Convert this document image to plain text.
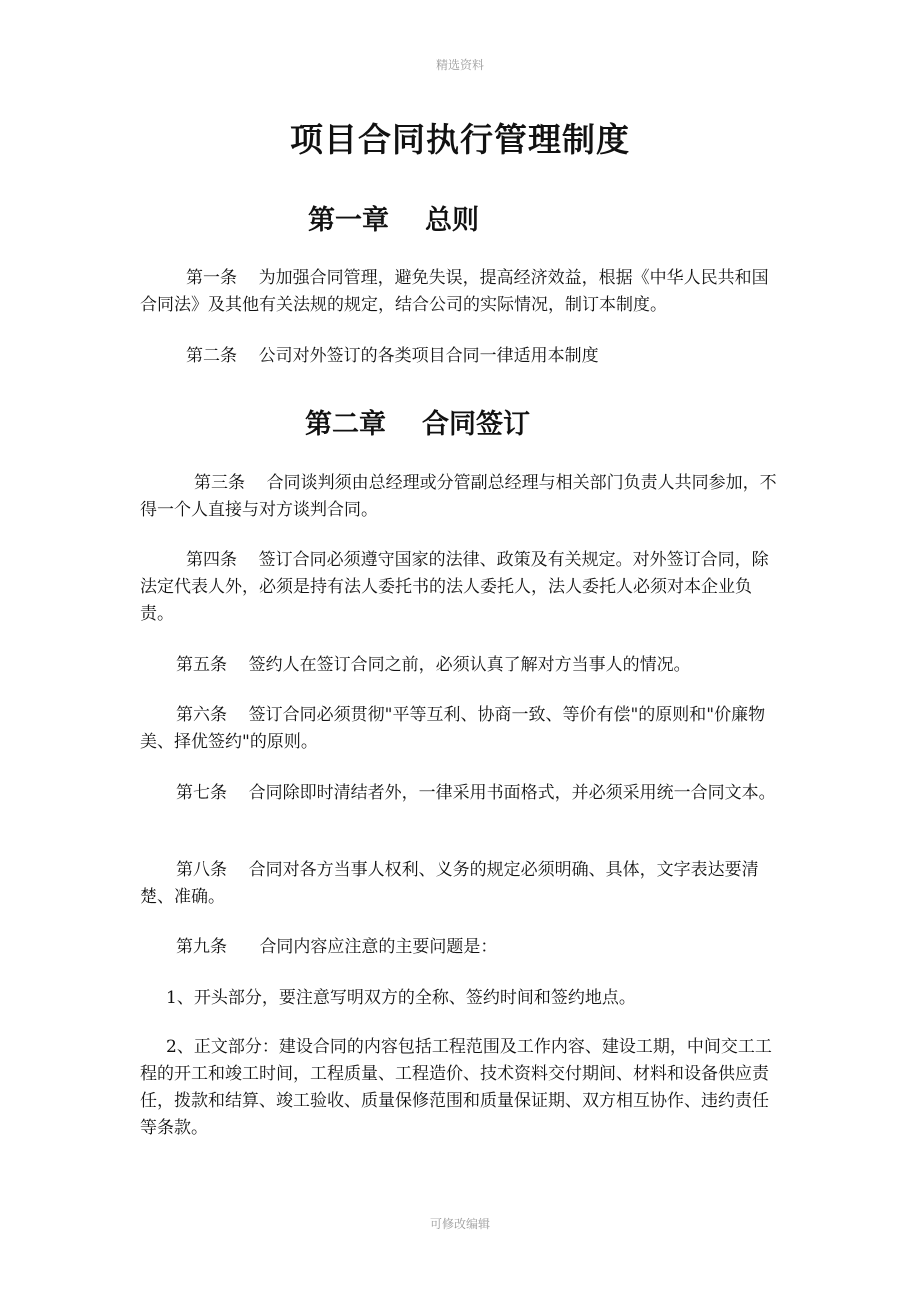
精选资料
项目合同执行管理制度
第一章 总则
第一条 为加强合同管理，避免失误，提高经济效益，根据《中华人民共和国合同法》及其他有关法规的规定，结合公司的实际情况，制订本制度。
第二条 公司对外签订的各类项目合同一律适用本制度
第二章 合同签订
第三条 合同谈判须由总经理或分管副总经理与相关部门负责人共同参加，不得一个人直接与对方谈判合同。
第四条 签订合同必须遵守国家的法律、政策及有关规定。对外签订合同，除法定代表人外，必须是持有法人委托书的法人委托人，法人委托人必须对本企业负责。
第五条 签约人在签订合同之前，必须认真了解对方当事人的情况。
第六条 签订合同必须贯彻"平等互利、协商一致、等价有偿"的原则和"价廉物美、择优签约"的原则。
第七条 合同除即时清结者外，一律采用书面格式，并必须采用统一合同文本。
第八条 合同对各方当事人权利、义务的规定必须明确、具体，文字表达要清楚、准确。
第九条 合同内容应注意的主要问题是：
1、开头部分，要注意写明双方的全称、签约时间和签约地点。
2、正文部分：建设合同的内容包括工程范围及工作内容、建设工期，中间交工工程的开工和竣工时间，工程质量、工程造价、技术资料交付期间、材料和设备供应责任，拨款和结算、竣工验收、质量保修范围和质量保证期、双方相互协作、违约责任等条款。
可修改编辑
